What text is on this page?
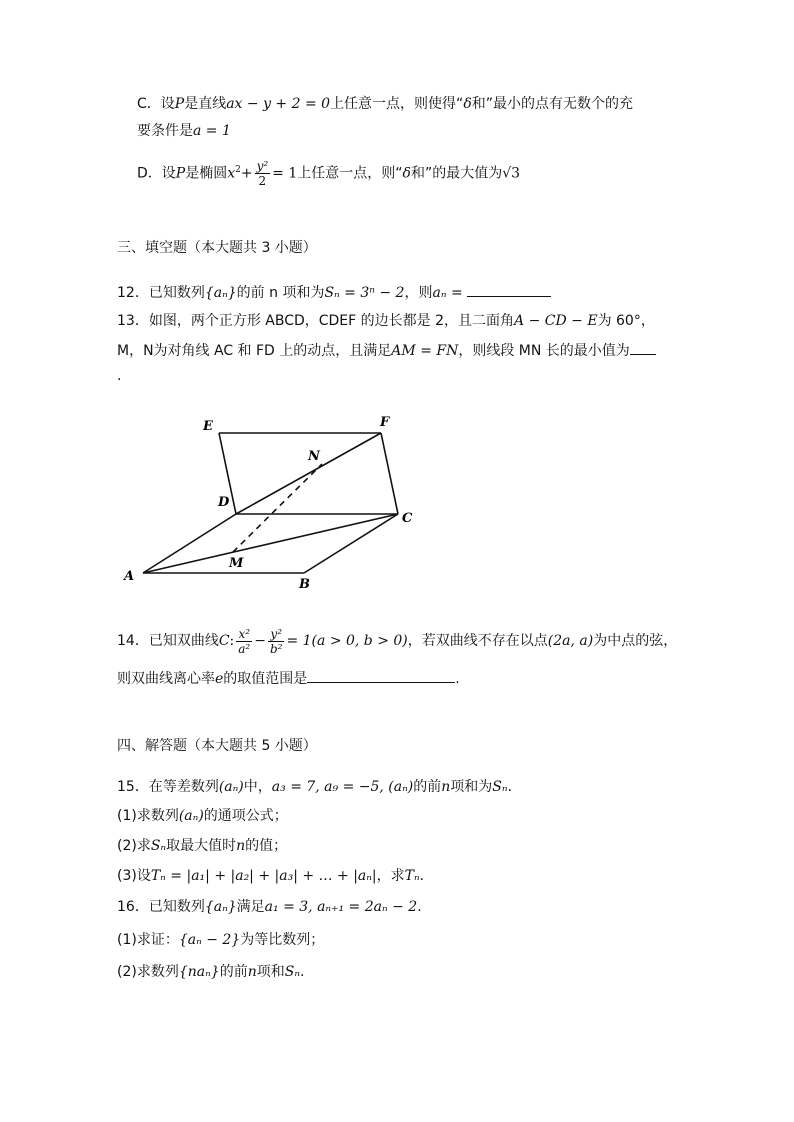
C．设P是直线ax − y + 2 = 0上任意一点，则使得“δ和”最小的点有无数个的充
要条件是a = 1
D．设P是椭圆$x^2+ \frac{\text{y²}}{2} = 1$上任意一点，则“δ和”的最大值为√3
三、填空题（本大题共 3 小题）
12．已知数列{aₙ}的前 n 项和为Sₙ = 3ⁿ − 2，则aₙ =
13．如图，两个正方形 ABCD，CDEF 的边长都是 2，且二面角A − CD − E为 60°，
M，N为对角线 AC 和 FD 上的动点，且满足AM = FN，则线段 MN 长的最小值为
.
E	F
N
D
C
A
M
B
14．已知双曲线C: $\frac{\text{x²}}{\text{a²}} - \frac{\text{y²}}{\text{b²}} = 1(a > 0$, b > 0)，若双曲线不存在以点(2a, a)为中点的弦，
则双曲线离心率e的取值范围是	.
四、解答题（本大题共 5 小题）
15．在等差数列(aₙ)中，a₃ = 7, a₉ = −5, (aₙ)的前n项和为Sₙ．
(1)求数列(aₙ)的通项公式；
(2)求Sₙ取最大值时n的值；
(3)设Tₙ = |a₁| + |a₂| + |a₃| + … + |aₙ|，求Tₙ．
16．已知数列{aₙ}满足a₁ = 3, aₙ₊₁ = 2aₙ − 2.
(1)求证：{aₙ − 2}为等比数列；
(2)求数列{naₙ}的前n项和Sₙ.
